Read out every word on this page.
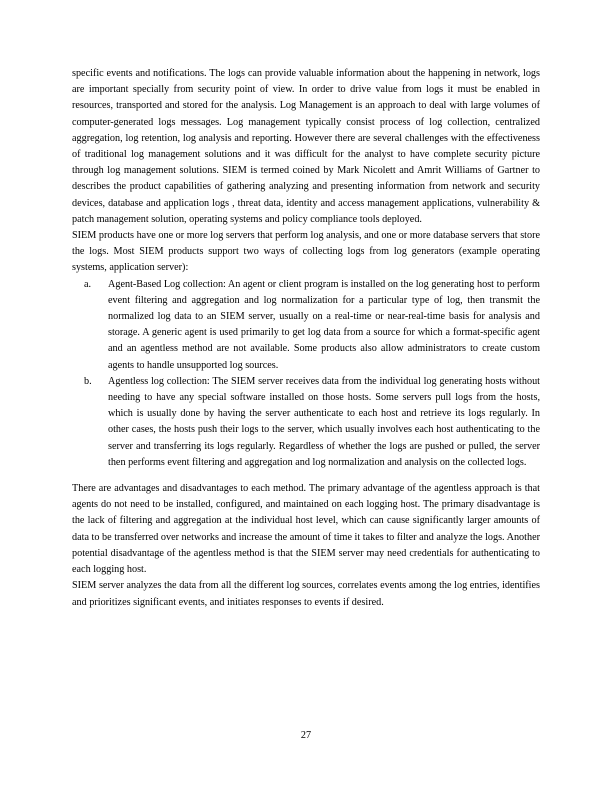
specific events and notifications. The logs can provide valuable information about the happening in network, logs are important specially from security point of view. In order to drive value from logs it must be enabled in resources, transported and stored for the analysis. Log Management is an approach to deal with large volumes of computer-generated logs messages. Log management typically consist process of log collection, centralized aggregation, log retention, log analysis and reporting. However there are several challenges with the effectiveness of traditional log management solutions and it was difficult for the analyst to have complete security picture through log management solutions. SIEM is termed coined by Mark Nicolett and Amrit Williams of Gartner to describes the product capabilities of gathering analyzing and presenting information from network and security devices, database and application logs , threat data, identity and access management applications, vulnerability & patch management solution, operating systems and policy compliance tools deployed.

SIEM products have one or more log servers that perform log analysis, and one or more database servers that store the logs. Most SIEM products support two ways of collecting logs from log generators (example operating systems, application server):

a. Agent-Based Log collection: An agent or client program is installed on the log generating host to perform event filtering and aggregation and log normalization for a particular type of log, then transmit the normalized log data to an SIEM server, usually on a real-time or near-real-time basis for analysis and storage. A generic agent is used primarily to get log data from a source for which a format-specific agent and an agentless method are not available. Some products also allow administrators to create custom agents to handle unsupported log sources.
b. Agentless log collection: The SIEM server receives data from the individual log generating hosts without needing to have any special software installed on those hosts. Some servers pull logs from the hosts, which is usually done by having the server authenticate to each host and retrieve its logs regularly. In other cases, the hosts push their logs to the server, which usually involves each host authenticating to the server and transferring its logs regularly. Regardless of whether the logs are pushed or pulled, the server then performs event filtering and aggregation and log normalization and analysis on the collected logs.

There are advantages and disadvantages to each method. The primary advantage of the agentless approach is that agents do not need to be installed, configured, and maintained on each logging host. The primary disadvantage is the lack of filtering and aggregation at the individual host level, which can cause significantly larger amounts of data to be transferred over networks and increase the amount of time it takes to filter and analyze the logs. Another potential disadvantage of the agentless method is that the SIEM server may need credentials for authenticating to each logging host.

SIEM server analyzes the data from all the different log sources, correlates events among the log entries, identifies and prioritizes significant events, and initiates responses to events if desired.

27
